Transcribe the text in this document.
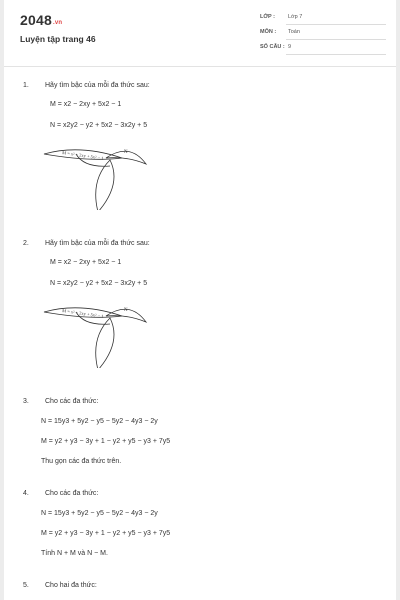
2048.vn
Luyện tập trang 46
LỚP : Lớp 7
MÔN : Toán
SỐ CÂU : 9
1. Hãy tìm bậc của mỗi đa thức sau:
M = x2 − 2xy + 5x2 − 1
N = x2y2 − y2 + 5x2 − 3x2y + 5
M = x² − 2xy + 5x² − 1	N
2. Hãy tìm bậc của mỗi đa thức sau:
M = x2 − 2xy + 5x2 − 1
N = x2y2 − y2 + 5x2 − 3x2y + 5
M = x² − 2xy + 5x² − 1	N
3. Cho các đa thức:
N = 15y3 + 5y2 − y5 − 5y2 − 4y3 − 2y
M = y2 + y3 − 3y + 1 − y2 + y5 − y3 + 7y5
Thu gọn các đa thức trên.
4. Cho các đa thức:
N = 15y3 + 5y2 − y5 − 5y2 − 4y3 − 2y
M = y2 + y3 − 3y + 1 − y2 + y5 − y3 + 7y5
Tính N + M và N − M.
5. Cho hai đa thức:
